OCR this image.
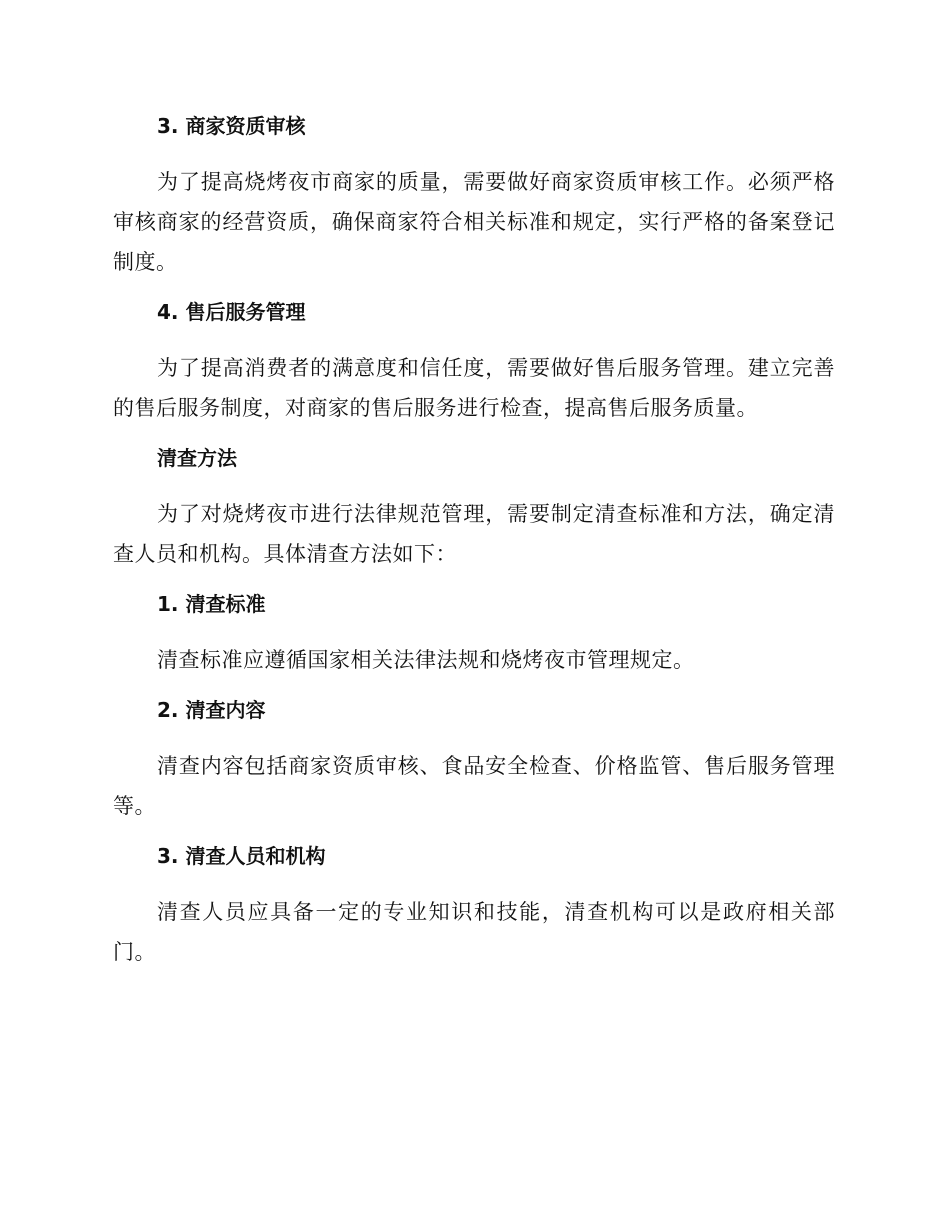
3. 商家资质审核
为了提高烧烤夜市商家的质量，需要做好商家资质审核工作。必须严格审核商家的经营资质，确保商家符合相关标准和规定，实行严格的备案登记制度。
4. 售后服务管理
为了提高消费者的满意度和信任度，需要做好售后服务管理。建立完善的售后服务制度，对商家的售后服务进行检查，提高售后服务质量。
清查方法
为了对烧烤夜市进行法律规范管理，需要制定清查标准和方法，确定清查人员和机构。具体清查方法如下：
1. 清查标准
清查标准应遵循国家相关法律法规和烧烤夜市管理规定。
2. 清查内容
清查内容包括商家资质审核、食品安全检查、价格监管、售后服务管理等。
3. 清查人员和机构
清查人员应具备一定的专业知识和技能，清查机构可以是政府相关部门。
